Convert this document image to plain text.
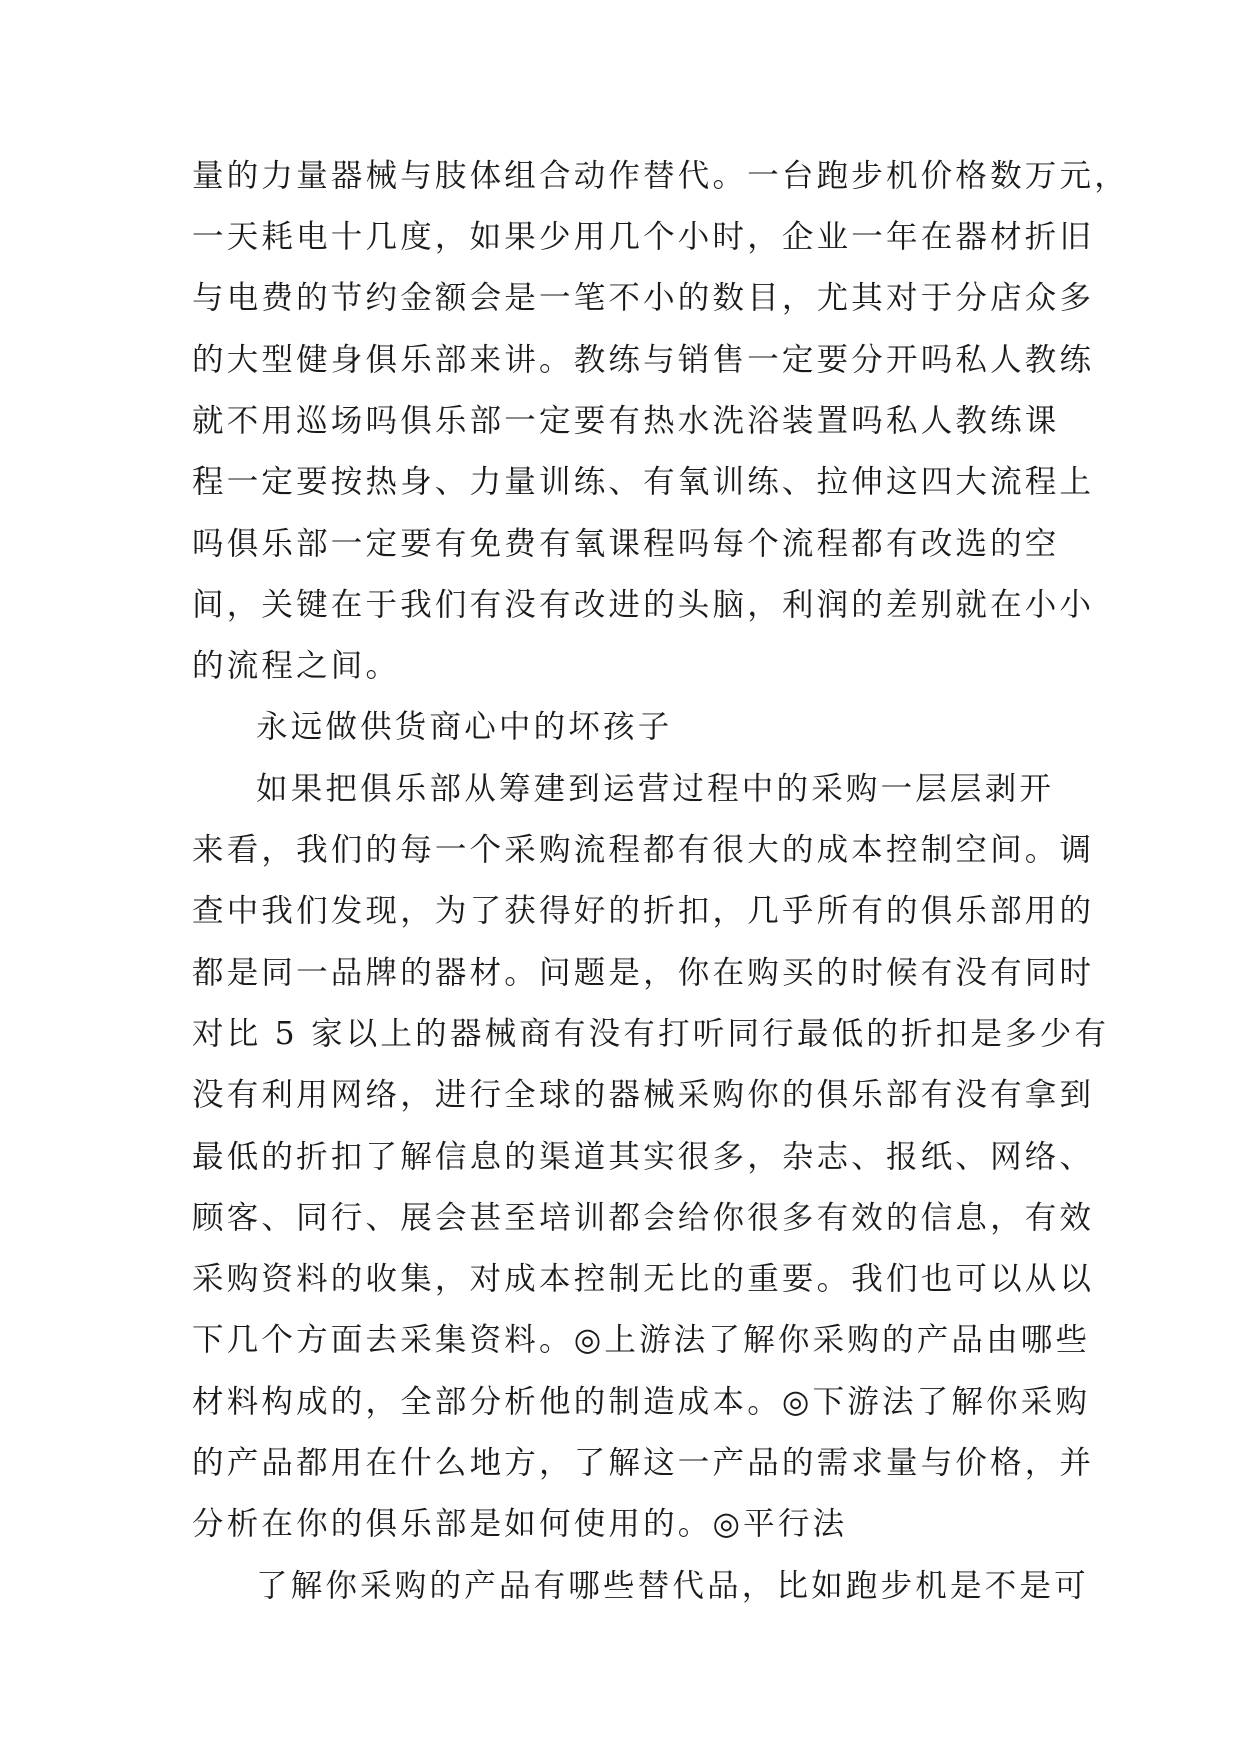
量的力量器械与肢体组合动作替代。一台跑步机价格数万元，
一天耗电十几度，如果少用几个小时，企业一年在器材折旧
与电费的节约金额会是一笔不小的数目，尤其对于分店众多
的大型健身俱乐部来讲。教练与销售一定要分开吗私人教练
就不用巡场吗俱乐部一定要有热水洗浴装置吗私人教练课
程一定要按热身、力量训练、有氧训练、拉伸这四大流程上
吗俱乐部一定要有免费有氧课程吗每个流程都有改选的空
间，关键在于我们有没有改进的头脑，利润的差别就在小小
的流程之间。
永远做供货商心中的坏孩子
如果把俱乐部从筹建到运营过程中的采购一层层剥开
来看，我们的每一个采购流程都有很大的成本控制空间。调
查中我们发现，为了获得好的折扣，几乎所有的俱乐部用的
都是同一品牌的器材。问题是，你在购买的时候有没有同时
对比 5 家以上的器械商有没有打听同行最低的折扣是多少有
没有利用网络，进行全球的器械采购你的俱乐部有没有拿到
最低的折扣了解信息的渠道其实很多，杂志、报纸、网络、
顾客、同行、展会甚至培训都会给你很多有效的信息，有效
采购资料的收集，对成本控制无比的重要。我们也可以从以
下几个方面去采集资料。◎上游法了解你采购的产品由哪些
材料构成的，全部分析他的制造成本。◎下游法了解你采购
的产品都用在什么地方，了解这一产品的需求量与价格，并
分析在你的俱乐部是如何使用的。◎平行法
了解你采购的产品有哪些替代品，比如跑步机是不是可
